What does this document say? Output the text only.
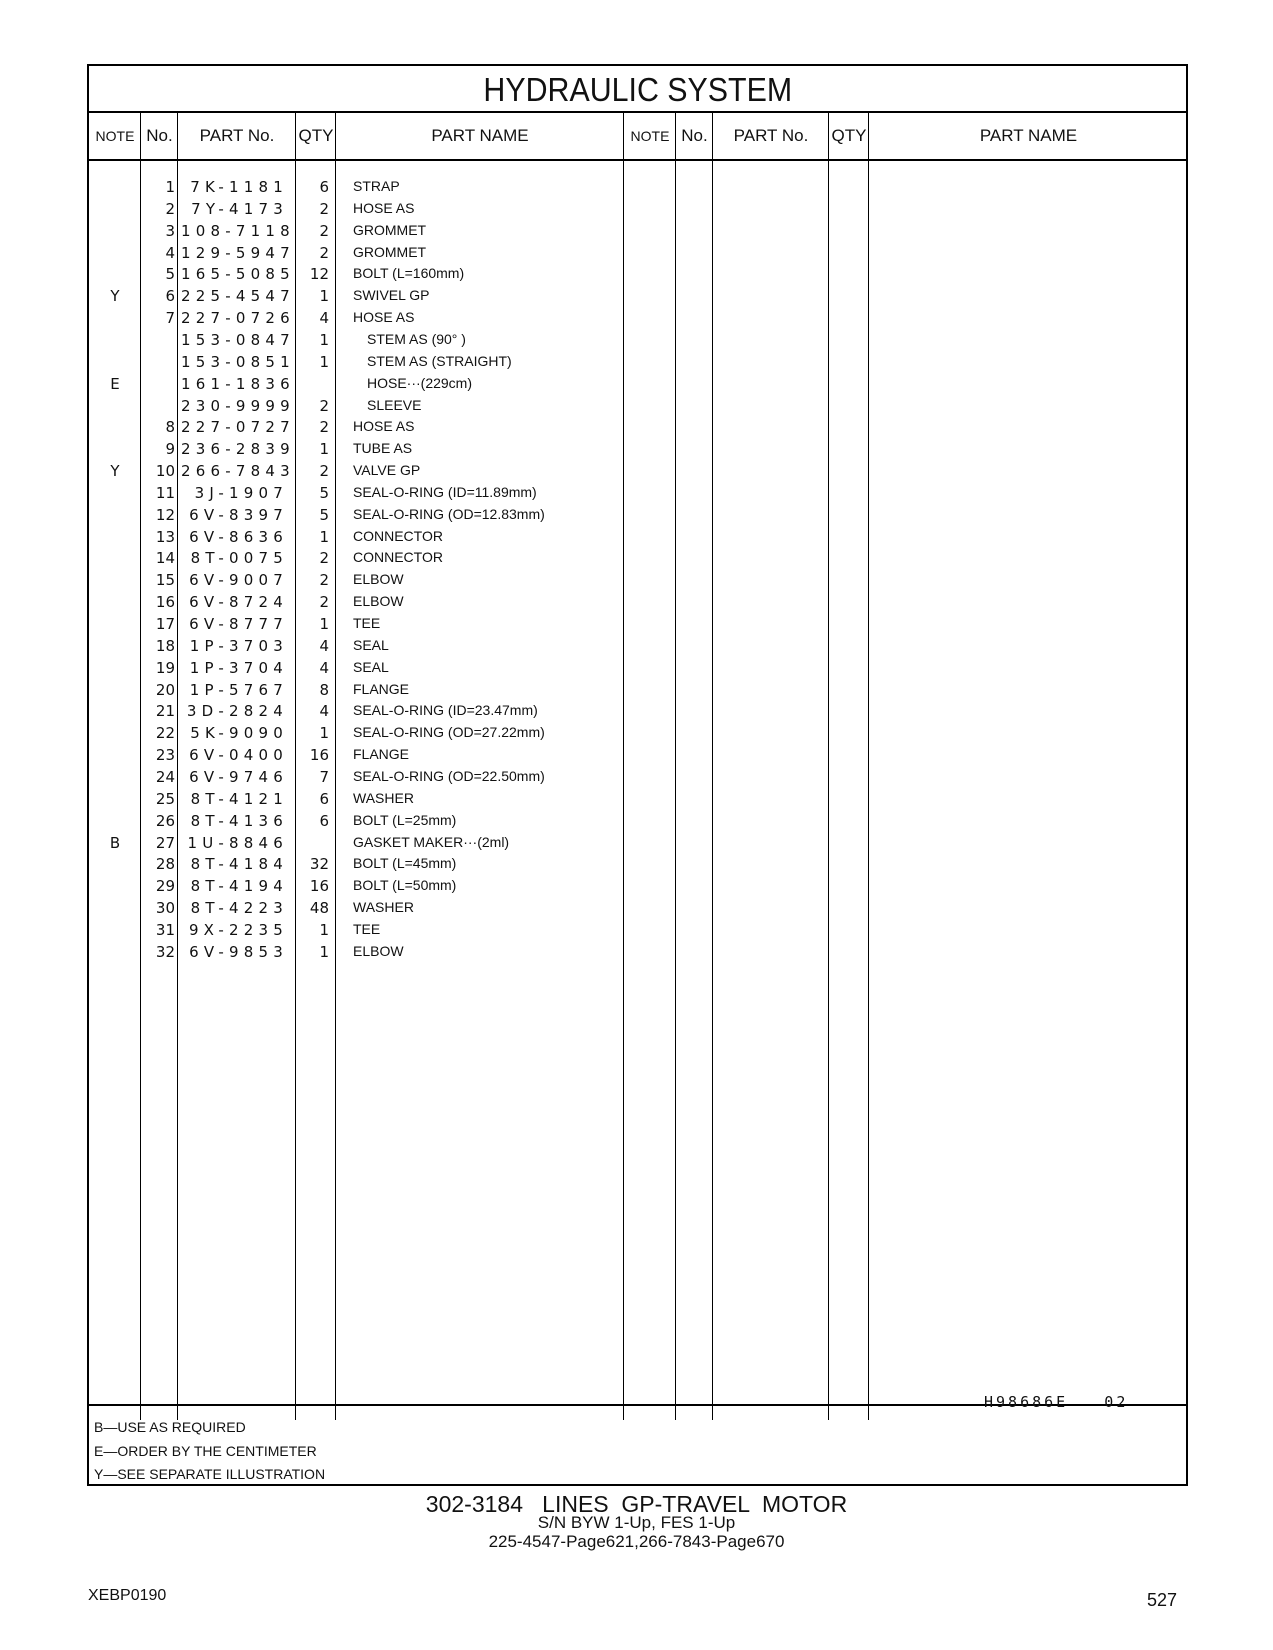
HYDRAULIC SYSTEM
NOTE No.	PART No.	QTY	PART NAME	NOTE No.	PART No.	QTY	PART NAME
1	7K-1181	6 STRAP
2	7Y-4173	2 HOSE AS
3 108-7118	2 GROMMET
4 129-5947	2 GROMMET
5 165-5085	12 BOLT (L=160mm)
Y	6 225-4547	1 SWIVEL GP
7 227-0726	4 HOSE AS
153-0847	1	STEM AS (90° )
153-0851	1	STEM AS (STRAIGHT)
E	161-1836	HOSE···(229cm)
230-9999	2	SLEEVE
8 227-0727	2 HOSE AS
9 236-2839	1 TUBE AS
Y	10 266-7843	2 VALVE GP
11	3J-1907	5 SEAL-O-RING (ID=11.89mm)
12 6V-8397	5 SEAL-O-RING (OD=12.83mm)
13 6V-8636	1 CONNECTOR
14	8T-0075	2 CONNECTOR
15 6V-9007	2 ELBOW
16 6V-8724	2 ELBOW
17 6V-8777	1 TEE
18 1P-3703	4 SEAL
19 1P-3704	4 SEAL
20 1P-5767	8 FLANGE
21 3D-2824	4 SEAL-O-RING (ID=23.47mm)
22	5K-9090	1 SEAL-O-RING (OD=27.22mm)
23 6V-0400	16 FLANGE
24 6V-9746	7 SEAL-O-RING (OD=22.50mm)
25	8T-4121	6 WASHER
26	8T-4136	6 BOLT (L=25mm)
B	27 1U-8846	GASKET MAKER···(2ml)
28	8T-4184	32 BOLT (L=45mm)
29	8T-4194	16 BOLT (L=50mm)
30	8T-4223	48 WASHER
31 9X-2235	1 TEE
32 6V-9853	1 ELBOW
B—USE AS REQUIRED
E—ORDER BY THE CENTIMETER
Y—SEE SEPARATE ILLUSTRATION
H98686E   02
302-3184   LINES  GP-TRAVEL  MOTOR
S/N BYW 1-Up, FES 1-Up
225-4547-Page621,266-7843-Page670
XEBP0190	527
